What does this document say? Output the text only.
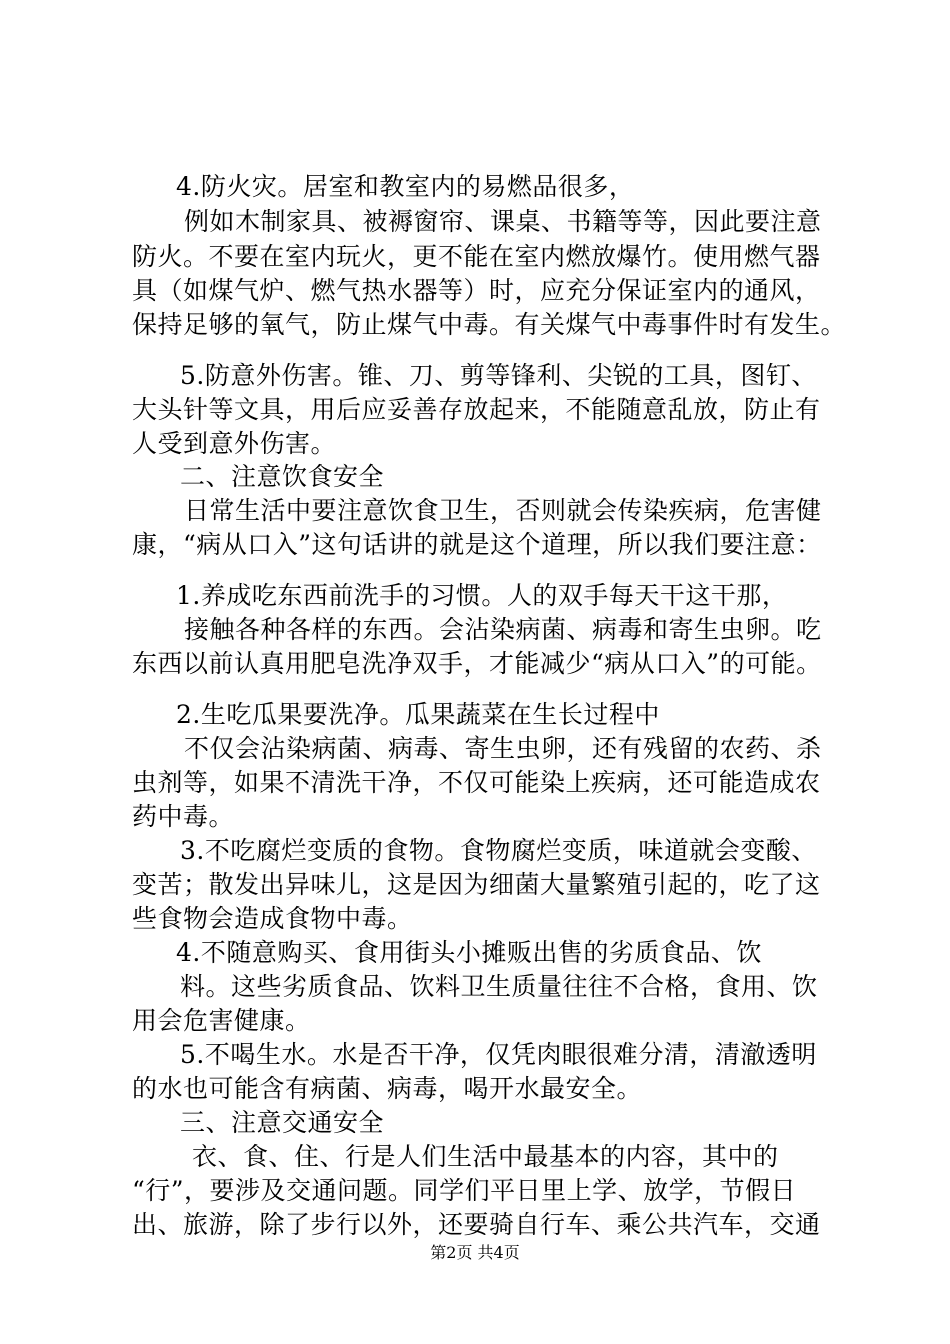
4.防火灾。居室和教室内的易燃品很多，
例如木制家具、被褥窗帘、课桌、书籍等等，因此要注意
防火。不要在室内玩火，更不能在室内燃放爆竹。使用燃气器
具（如煤气炉、燃气热水器等）时，应充分保证室内的通风，
保持足够的氧气，防止煤气中毒。有关煤气中毒事件时有发生。
5.防意外伤害。锥、刀、剪等锋利、尖锐的工具，图钉、
大头针等文具，用后应妥善存放起来，不能随意乱放，防止有
人受到意外伤害。
二、注意饮食安全
日常生活中要注意饮食卫生，否则就会传染疾病，危害健
康，“病从口入”这句话讲的就是这个道理，所以我们要注意：
1.养成吃东西前洗手的习惯。人的双手每天干这干那，
接触各种各样的东西。会沾染病菌、病毒和寄生虫卵。吃
东西以前认真用肥皂洗净双手，才能减少“病从口入”的可能。
2.生吃瓜果要洗净。瓜果蔬菜在生长过程中
不仅会沾染病菌、病毒、寄生虫卵，还有残留的农药、杀
虫剂等，如果不清洗干净，不仅可能染上疾病，还可能造成农
药中毒。
3.不吃腐烂变质的食物。食物腐烂变质，味道就会变酸、
变苦；散发出异味儿，这是因为细菌大量繁殖引起的，吃了这
些食物会造成食物中毒。
4.不随意购买、食用街头小摊贩出售的劣质食品、饮
料。这些劣质食品、饮料卫生质量往往不合格，食用、饮
用会危害健康。
5.不喝生水。水是否干净，仅凭肉眼很难分清，清澈透明
的水也可能含有病菌、病毒，喝开水最安全。
三、注意交通安全
衣、食、住、行是人们生活中最基本的内容，其中的
“行”，要涉及交通问题。同学们平日里上学、放学，节假日
出、旅游，除了步行以外，还要骑自行车、乘公共汽车，交通
第2页 共4页
